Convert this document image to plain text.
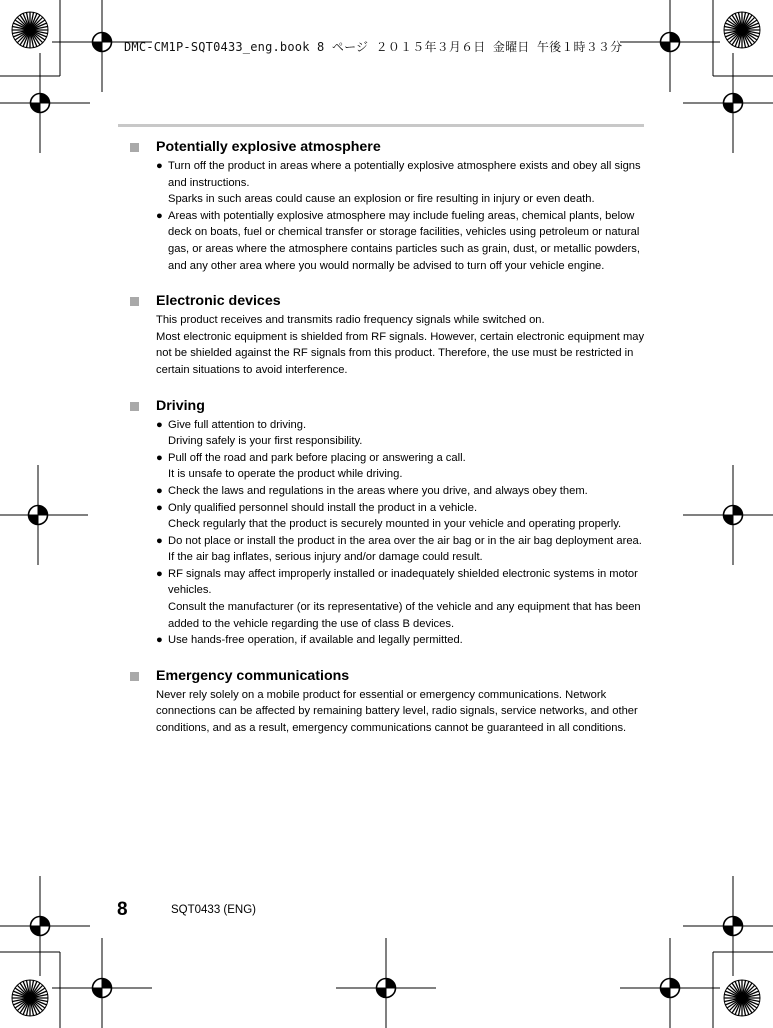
DMC-CM1P-SQT0433_eng.book 8 ページ ２０１５年３月６日 金曜日 午後１時３３分
Potentially explosive atmosphere
● Turn off the product in areas where a potentially explosive atmosphere exists and obey all signs and instructions.
Sparks in such areas could cause an explosion or fire resulting in injury or even death.
● Areas with potentially explosive atmosphere may include fueling areas, chemical plants, below deck on boats, fuel or chemical transfer or storage facilities, vehicles using petroleum or natural gas, or areas where the atmosphere contains particles such as grain, dust, or metallic powders, and any other area where you would normally be advised to turn off your vehicle engine.
Electronic devices
This product receives and transmits radio frequency signals while switched on.
Most electronic equipment is shielded from RF signals. However, certain electronic equipment may not be shielded against the RF signals from this product. Therefore, the use must be restricted in certain situations to avoid interference.
Driving
● Give full attention to driving.
Driving safely is your first responsibility.
● Pull off the road and park before placing or answering a call.
It is unsafe to operate the product while driving.
● Check the laws and regulations in the areas where you drive, and always obey them.
● Only qualified personnel should install the product in a vehicle.
Check regularly that the product is securely mounted in your vehicle and operating properly.
● Do not place or install the product in the area over the air bag or in the air bag deployment area.
If the air bag inflates, serious injury and/or damage could result.
● RF signals may affect improperly installed or inadequately shielded electronic systems in motor vehicles.
Consult the manufacturer (or its representative) of the vehicle and any equipment that has been added to the vehicle regarding the use of class B devices.
● Use hands-free operation, if available and legally permitted.
Emergency communications
Never rely solely on a mobile product for essential or emergency communications. Network connections can be affected by remaining battery level, radio signals, service networks, and other conditions, and as a result, emergency communications cannot be guaranteed in all conditions.
8	SQT0433 (ENG)
